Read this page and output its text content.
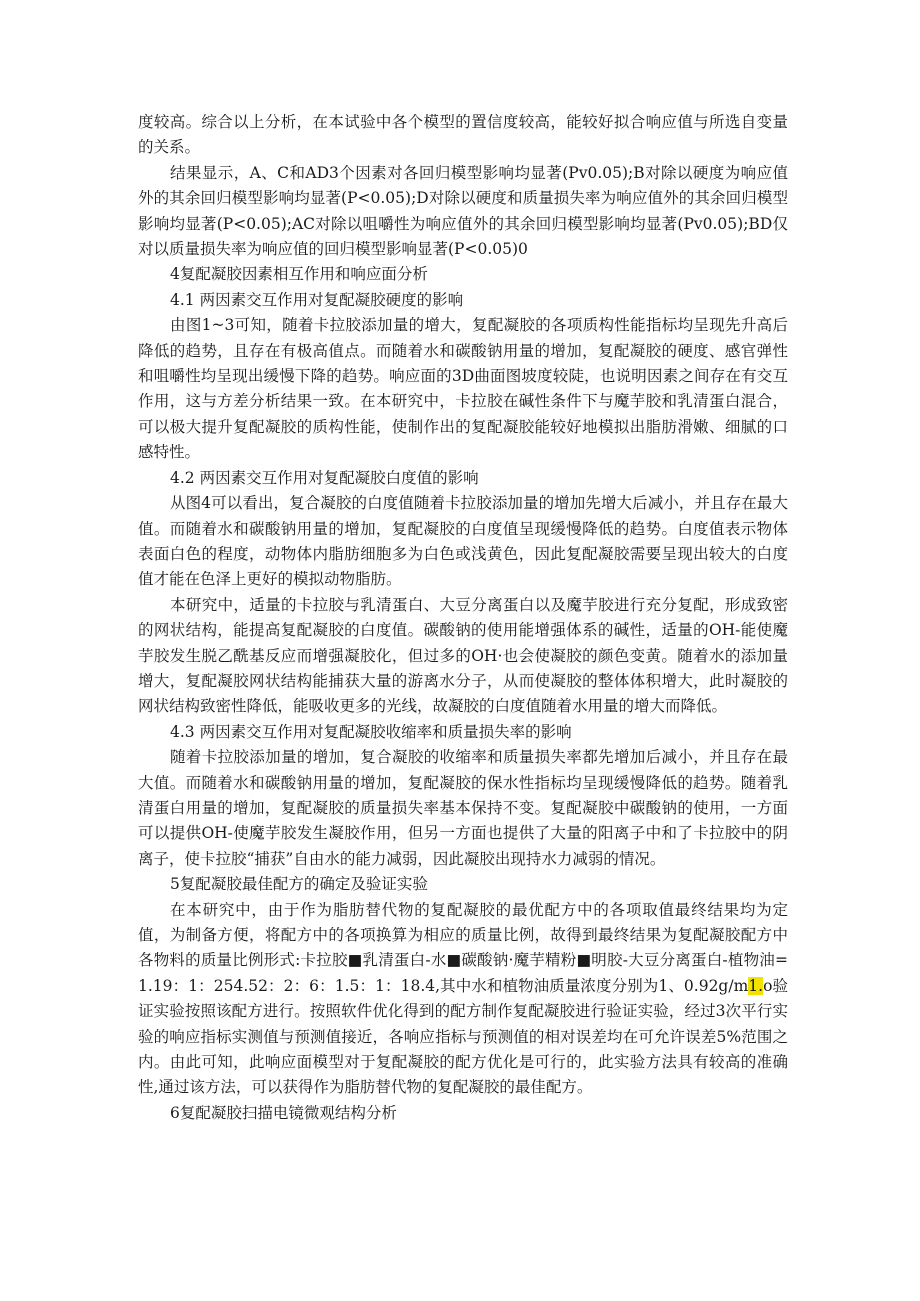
度较高。综合以上分析，在本试验中各个模型的置信度较高，能较好拟合响应值与所选自变量的关系。

结果显示，A、C和AD3个因素对各回归模型影响均显著(Pv0.05);B对除以硬度为响应值外的其余回归模型影响均显著(P<0.05);D对除以硬度和质量损失率为响应值外的其余回归模型影响均显著(P<0.05);AC对除以咀嚼性为响应值外的其余回归模型影响均显著(Pv0.05);BD仅对以质量损失率为响应值的回归模型影响显著(P<0.05)0

4复配凝胶因素相互作用和响应面分析

4.1 两因素交互作用对复配凝胶硬度的影响

由图1~3可知，随着卡拉胶添加量的增大，复配凝胶的各项质构性能指标均呈现先升高后降低的趋势，且存在有极高值点。而随着水和碳酸钠用量的增加，复配凝胶的硬度、感官弹性和咀嚼性均呈现出缓慢下降的趋势。响应面的3D曲面图坡度较陡，也说明因素之间存在有交互作用，这与方差分析结果一致。在本研究中，卡拉胶在碱性条件下与魔芋胶和乳清蛋白混合，可以极大提升复配凝胶的质构性能，使制作出的复配凝胶能较好地模拟出脂肪滑嫩、细腻的口感特性。

4.2 两因素交互作用对复配凝胶白度值的影响

从图4可以看出，复合凝胶的白度值随着卡拉胶添加量的增加先增大后减小，并且存在最大值。而随着水和碳酸钠用量的增加，复配凝胶的白度值呈现缓慢降低的趋势。白度值表示物体表面白色的程度，动物体内脂肪细胞多为白色或浅黄色，因此复配凝胶需要呈现出较大的白度值才能在色泽上更好的模拟动物脂肪。

本研究中，适量的卡拉胶与乳清蛋白、大豆分离蛋白以及魔芋胶进行充分复配，形成致密的网状结构，能提高复配凝胶的白度值。碳酸钠的使用能增强体系的碱性，适量的OH-能使魔芋胶发生脱乙酰基反应而增强凝胶化，但过多的OH·也会使凝胶的颜色变黄。随着水的添加量增大，复配凝胶网状结构能捕获大量的游离水分子，从而使凝胶的整体体积增大，此时凝胶的网状结构致密性降低，能吸收更多的光线，故凝胶的白度值随着水用量的增大而降低。

4.3 两因素交互作用对复配凝胶收缩率和质量损失率的影响

随着卡拉胶添加量的增加，复合凝胶的收缩率和质量损失率都先增加后减小，并且存在最大值。而随着水和碳酸钠用量的增加，复配凝胶的保水性指标均呈现缓慢降低的趋势。随着乳清蛋白用量的增加，复配凝胶的质量损失率基本保持不变。复配凝胶中碳酸钠的使用，一方面可以提供OH-使魔芋胶发生凝胶作用，但另一方面也提供了大量的阳离子中和了卡拉胶中的阴离子，使卡拉胶“捕获”自由水的能力减弱，因此凝胶出现持水力减弱的情况。

5复配凝胶最佳配方的确定及验证实验

在本研究中，由于作为脂肪替代物的复配凝胶的最优配方中的各项取值最终结果均为定值，为制备方便，将配方中的各项换算为相应的质量比例，故得到最终结果为复配凝胶配方中各物料的质量比例形式:卡拉胶■乳清蛋白-水■碳酸钠·魔芋精粉■明胶-大豆分离蛋白-植物油=1.19：1：254.52：2：6：1.5：1：18.4,其中水和植物油质量浓度分别为1、0.92g/m1.o验证实验按照该配方进行。按照软件优化得到的配方制作复配凝胶进行验证实验，经过3次平行实验的响应指标实测值与预测值接近，各响应指标与预测值的相对误差均在可允许误差5%范围之内。由此可知，此响应面模型对于复配凝胶的配方优化是可行的，此实验方法具有较高的准确性,通过该方法，可以获得作为脂肪替代物的复配凝胶的最佳配方。

6复配凝胶扫描电镜微观结构分析
